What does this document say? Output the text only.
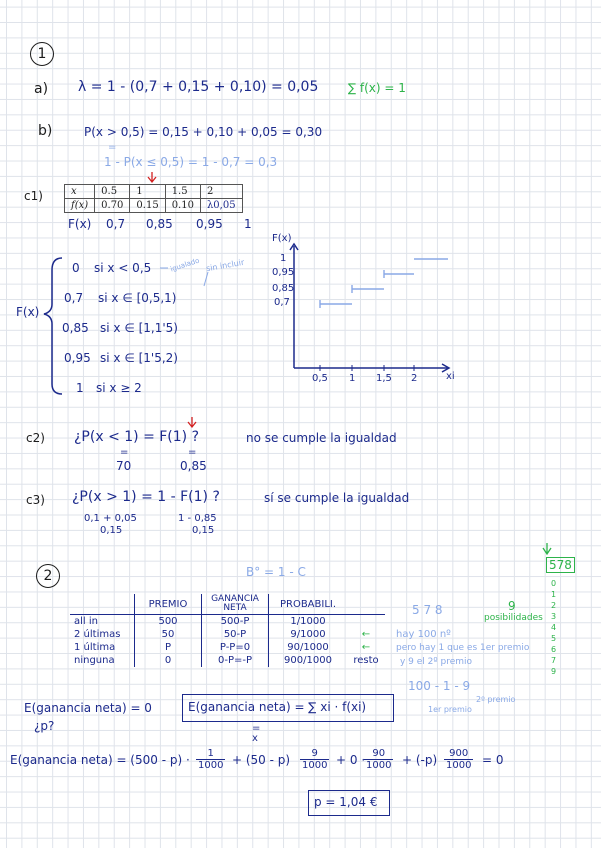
1
a) λ = 1 - (0,7 + 0,15 + 0,10) = 0,05 ∑ f(x) = 1
b)	P(x > 0,5) = 0,15 + 0,10 + 0,05 = 0,30
=
1 - P(x ≤ 0,5) = 1 - 0,7 = 0,3
c1)	x	0.5	1	1.5	2
f(x)	0.70	0.15	0.10	λ0,05
F(x) 0,7 0,85 0,95 1
F(x)
0 si x < 0,5
0,7 si x ∈ [0,5,1)
0,85 si x ∈ [1,1'5)
0,95 si x ∈ [1'5,2)
1 si x ≥ 2
igualado sin incluir
F(x)
1
0,95
0,85
0,7
0,5 1 1,5 2	xi
c2) ¿P(x < 1) = F(1) ?	no se cumple la igualdad
=	=
70	0,85
c3) ¿P(x > 1) = 1 - F(1) ?	sí se cumple la igualdad
0,1 + 0,05
0,15
1 - 0,85
0,15
2	B° = 1 - C
	PREMIO	GANANCIA NETA	PROBABILI.	
all in	500	500-P	1/1000	
2 últimas	50	50-P	9/1000	←
1 última	P	P-P=0	90/1000	←
ninguna	0	0-P=-P	900/1000	resto
5 7 8
hay 100 nº
pero hay 1 que es 1er premio
y 9 el 2º premio
100 - 1 - 9
1er premio
2º premio
578
9
posibilidades
0 1 2 3 4 5 6 7 9
E(ganancia neta) = 0
¿p?
E(ganancia neta) = ∑ xi · f(xi)
=
x
E(ganancia neta) = $(500 - p) \cdot \frac{1}{1000} + (50 - p) \frac{9}{1000} + 0$ ·
$\frac{90}{1000} + (-p) \frac{900}{1000} = 0$
p = 1,04 €
